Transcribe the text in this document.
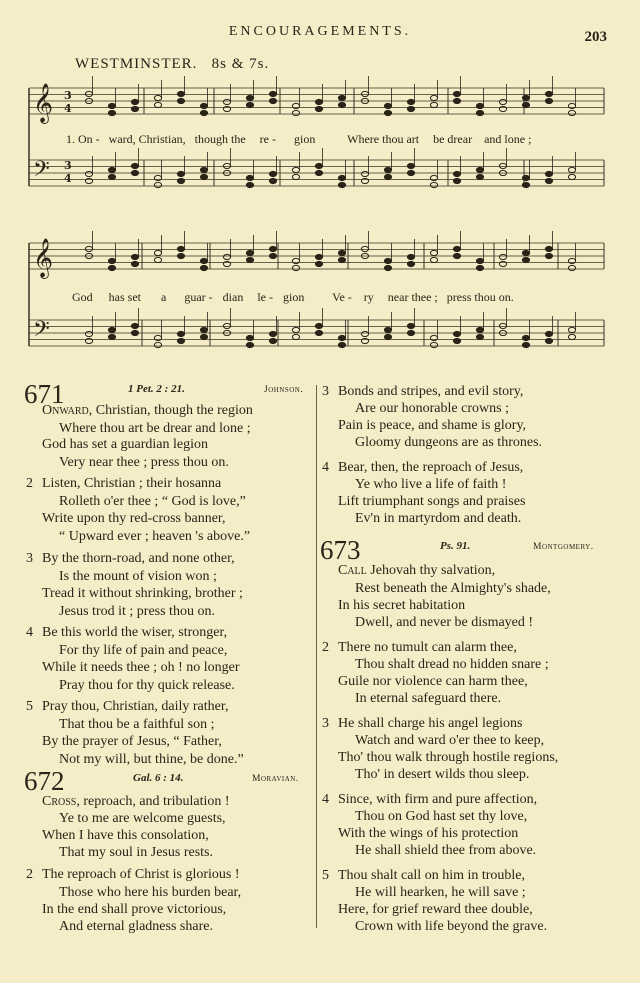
ENCOURAGEMENTS.	203
WESTMINSTER. 8s & 7s.
𝄞
𝄢
𝄞
𝄢
3
4
3
4
1. On - ward, Christian, though the re - gion	Where thou art be drear and lone ;
God has set a guar - dian le - gion Ve - ry near thee ; press thou on.
671	1 Pet. 2 : 21.	Johnson.
Onward, Christian, though the region
Where thou art be drear and lone ;
God has set a guardian legion
Very near thee ; press thou on.
2 Listen, Christian ; their hosanna
Rolleth o'er thee ; “ God is love,”
Write upon thy red-cross banner,
“ Upward ever ; heaven 's above.”
3 By the thorn-road, and none other,
Is the mount of vision won ;
Tread it without shrinking, brother ;
Jesus trod it ; press thou on.
4 Be this world the wiser, stronger,
For thy life of pain and peace,
While it needs thee ; oh ! no longer
Pray thou for thy quick release.
5 Pray thou, Christian, daily rather,
That thou be a faithful son ;
By the prayer of Jesus, “ Father,
Not my will, but thine, be done.”
672	Gal. 6 : 14.	Moravian.
Cross, reproach, and tribulation !
Ye to me are welcome guests,
When I have this consolation,
That my soul in Jesus rests.
2 The reproach of Christ is glorious !
Those who here his burden bear,
In the end shall prove victorious,
And eternal gladness share.
3 Bonds and stripes, and evil story,
Are our honorable crowns ;
Pain is peace, and shame is glory,
Gloomy dungeons are as thrones.
4 Bear, then, the reproach of Jesus,
Ye who live a life of faith !
Lift triumphant songs and praises
Ev'n in martyrdom and death.
673	Ps. 91.	Montgomery.
Call Jehovah thy salvation,
Rest beneath the Almighty's shade,
In his secret habitation
Dwell, and never be dismayed !
2 There no tumult can alarm thee,
Thou shalt dread no hidden snare ;
Guile nor violence can harm thee,
In eternal safeguard there.
3 He shall charge his angel legions
Watch and ward o'er thee to keep,
Tho' thou walk through hostile regions,
Tho' in desert wilds thou sleep.
4 Since, with firm and pure affection,
Thou on God hast set thy love,
With the wings of his protection
He shall shield thee from above.
5 Thou shalt call on him in trouble,
He will hearken, he will save ;
Here, for grief reward thee double,
Crown with life beyond the grave.
